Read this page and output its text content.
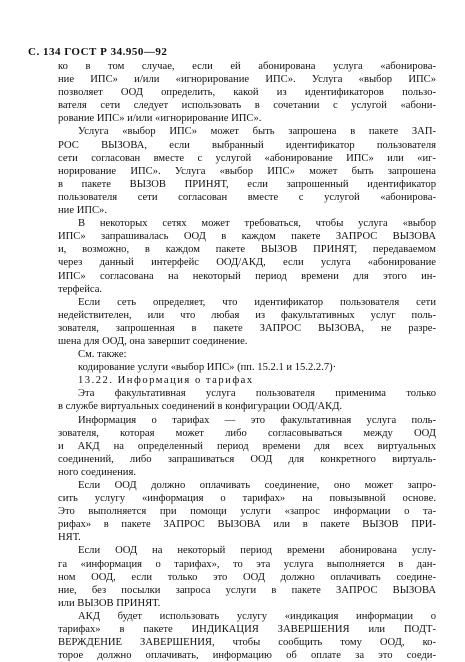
С. 134 ГОСТ Р 34.950—92

ко в том случае, если ей абонирована услуга «абонирова-
ние ИПС» и/или «игнорирование ИПС». Услуга «выбор ИПС»
позволяет ООД определить, какой из идентификаторов пользо-
вателя сети следует использовать в сочетании с услугой «абони-
рование ИПС» и/или «игнорирование ИПС».

Услуга «выбор ИПС» может быть запрошена в пакете ЗАП-
РОС ВЫЗОВА, если выбранный идентификатор пользователя
сети согласован вместе с услугой «абонирование ИПС» или «иг-
норирование ИПС». Услуга «выбор ИПС» может быть запрошена
в пакете ВЫЗОВ ПРИНЯТ, если запрошенный идентификатор
пользователя сети согласован вместе с услугой «абонирова-
ние ИПС».

В некоторых сетях может требоваться, чтобы услуга «выбор
ИПС» запрашивалась ООД в каждом пакете ЗАПРОС ВЫЗОВА
и, возможно, в каждом пакете ВЫЗОВ ПРИНЯТ, передаваемом
через данный интерфейс ООД/АКД, если услуга «абонирование
ИПС» согласована на некоторый период времени для этого ин-
терфейса.

Если сеть определяет, что идентификатор пользователя сети
недействителен, или что любая из факультативных услуг поль-
зователя, запрошенная в пакете ЗАПРОС ВЫЗОВА, не разре-
шена для ООД, она завершит соединение.

См. также:
кодирование услуги «выбор ИПС» (пп. 15.2.1 и 15.2.2.7)·

13.22. Информация о тарифах

Эта факультативная услуга пользователя применима только
в службе виртуальных соединений в конфигурации ООД/АКД.

Информация о тарифах — это факультативная услуга поль-
зователя, которая может либо согласовываться между ООД
и АКД на определенный период времени для всех виртуальных
соединений, либо запрашиваться ООД для конкретного виртуаль-
ного соединения.

Если ООД должно оплачивать соединение, оно может запро-
сить услугу «информация о тарифах» на повызывной основе.
Это выполняется при помощи услуги «запрос информации о та-
рифах» в пакете ЗАПРОС ВЫЗОВА или в пакете ВЫЗОВ ПРИ-
НЯТ.

Если ООД на некоторый период времени абонирована услу-
га «информация о тарифах», то эта услуга выполняется в дан-
ном ООД, если только это ООД должно оплачивать соедине-
ние, без посылки запроса услуги в пакете ЗАПРОС ВЫЗОВА
или ВЫЗОВ ПРИНЯТ.

АКД будет использовать услугу «индикация информации о
тарифах» в пакете ИНДИКАЦИЯ ЗАВЕРШЕНИЯ или ПОДТ-
ВЕРЖДЕНИЕ ЗАВЕРШЕНИЯ, чтобы сообщить тому ООД, ко-
торое должно оплачивать, информацию об оплате за это соеди-
